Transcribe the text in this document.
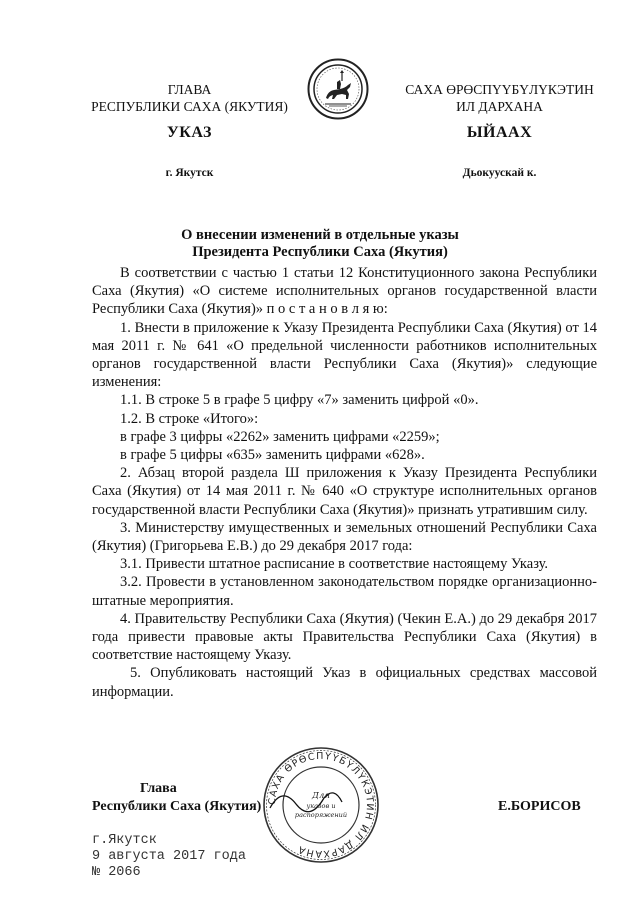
ГЛАВА
РЕСПУБЛИКИ САХА (ЯКУТИЯ)
САХА ӨРӨСПҮҮБҮЛҮКЭТИН
ИЛ ДАРХАНА
УКАЗ	ЫЙААХ
г. Якутск	Дьокуускай к.
О внесении изменений в отдельные указы
Президента Республики Саха (Якутия)

В соответствии с частью 1 статьи 12 Конституционного закона Республики Саха (Якутия) «О системе исполнительных органов государственной власти Республики Саха (Якутия)» п о с т а н о в л я ю:

1. Внести в приложение к Указу Президента Республики Саха (Якутия) от 14 мая 2011 г. № 641 «О предельной численности работников исполнительных органов государственной власти Республики Саха (Якутия)» следующие изменения:

1.1. В строке 5 в графе 5 цифру «7» заменить цифрой «0».

1.2. В строке «Итого»:

в графе 3 цифры «2262» заменить цифрами «2259»;

в графе 5 цифры «635» заменить цифрами «628».

2. Абзац второй раздела Ш приложения к Указу Президента Республики Саха (Якутия) от 14 мая 2011 г. № 640 «О структуре исполнительных органов государственной власти Республики Саха (Якутия)» признать утратившим силу.

3. Министерству имущественных и земельных отношений Республики Саха (Якутия) (Григорьева Е.В.) до 29 декабря 2017 года:

3.1. Привести штатное расписание в соответствие настоящему Указу.

3.2. Провести в установленном законодательством порядке организационно-штатные мероприятия.

4. Правительству Республики Саха (Якутия) (Чекин Е.А.) до 29 декабря 2017 года привести правовые акты Правительства Республики Саха (Якутия) в соответствие настоящему Указу.

5. Опубликовать настоящий Указ в официальных средствах массовой информации.

Глава
Республики Саха (Якутия)	Е.БОРИСОВ
САХА ӨРӨСПҮҮБҮЛҮКЭТИН ИЛ ДАРХАНА
Для
указов и
распоряжений
г.Якутск
9 августа 2017 года
№ 2066
